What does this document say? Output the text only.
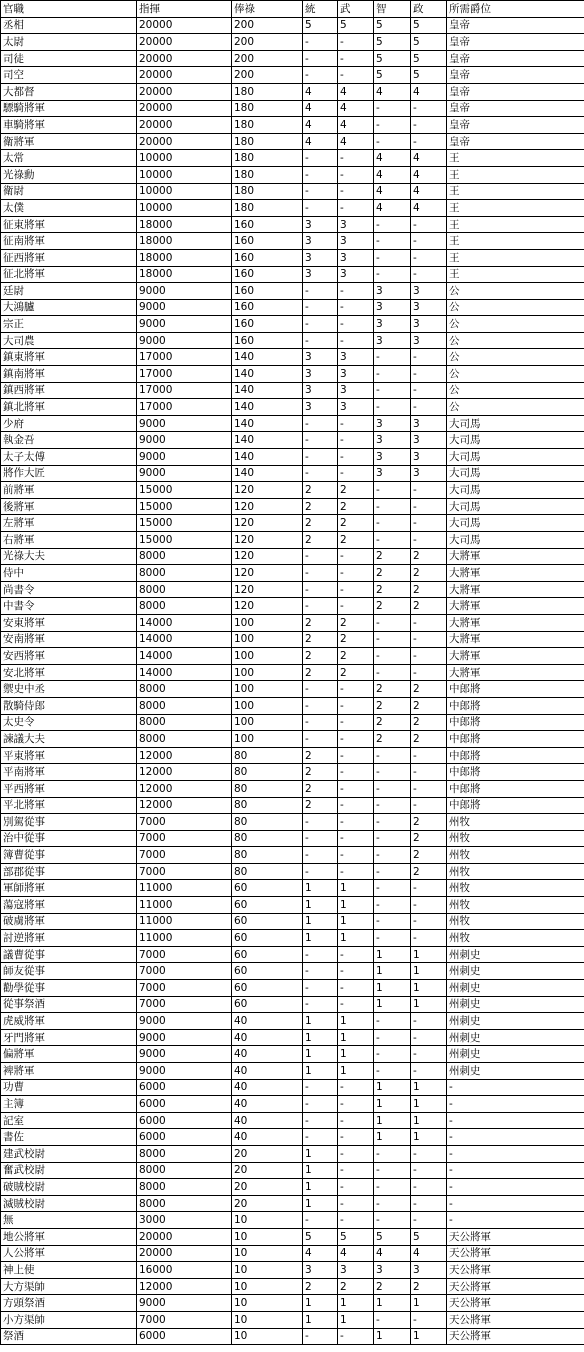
官職	指揮	俸祿	統	武	智	政	所需爵位
丞相	20000	200	5	5	5	5	皇帝
太尉	20000	200	-	-	5	5	皇帝
司徒	20000	200	-	-	5	5	皇帝
司空	20000	200	-	-	5	5	皇帝
大都督	20000	180	4	4	4	4	皇帝
驃騎將軍	20000	180	4	4	-	-	皇帝
車騎將軍	20000	180	4	4	-	-	皇帝
衛將軍	20000	180	4	4	-	-	皇帝
太常	10000	180	-	-	4	4	王
光祿勳	10000	180	-	-	4	4	王
衛尉	10000	180	-	-	4	4	王
太僕	10000	180	-	-	4	4	王
征東將軍	18000	160	3	3	-	-	王
征南將軍	18000	160	3	3	-	-	王
征西將軍	18000	160	3	3	-	-	王
征北將軍	18000	160	3	3	-	-	王
廷尉	9000	160	-	-	3	3	公
大鴻臚	9000	160	-	-	3	3	公
宗正	9000	160	-	-	3	3	公
大司農	9000	160	-	-	3	3	公
鎮東將軍	17000	140	3	3	-	-	公
鎮南將軍	17000	140	3	3	-	-	公
鎮西將軍	17000	140	3	3	-	-	公
鎮北將軍	17000	140	3	3	-	-	公
少府	9000	140	-	-	3	3	大司馬
執金吾	9000	140	-	-	3	3	大司馬
太子太傅	9000	140	-	-	3	3	大司馬
將作大匠	9000	140	-	-	3	3	大司馬
前將軍	15000	120	2	2	-	-	大司馬
後將軍	15000	120	2	2	-	-	大司馬
左將軍	15000	120	2	2	-	-	大司馬
右將軍	15000	120	2	2	-	-	大司馬
光祿大夫	8000	120	-	-	2	2	大將軍
侍中	8000	120	-	-	2	2	大將軍
尚書令	8000	120	-	-	2	2	大將軍
中書令	8000	120	-	-	2	2	大將軍
安東將軍	14000	100	2	2	-	-	大將軍
安南將軍	14000	100	2	2	-	-	大將軍
安西將軍	14000	100	2	2	-	-	大將軍
安北將軍	14000	100	2	2	-	-	大將軍
禦史中丞	8000	100	-	-	2	2	中郎將
散騎侍郎	8000	100	-	-	2	2	中郎將
太史令	8000	100	-	-	2	2	中郎將
諫議大夫	8000	100	-	-	2	2	中郎將
平東將軍	12000	80	2	-	-	-	中郎將
平南將軍	12000	80	2	-	-	-	中郎將
平西將軍	12000	80	2	-	-	-	中郎將
平北將軍	12000	80	2	-	-	-	中郎將
別駕從事	7000	80	-	-	-	2	州牧
治中從事	7000	80	-	-	-	2	州牧
簿曹從事	7000	80	-	-	-	2	州牧
部郡從事	7000	80	-	-	-	2	州牧
軍師將軍	11000	60	1	1	-	-	州牧
蕩寇將軍	11000	60	1	1	-	-	州牧
破虜將軍	11000	60	1	1	-	-	州牧
討逆將軍	11000	60	1	1	-	-	州牧
議曹從事	7000	60	-	-	1	1	州刺史
師友從事	7000	60	-	-	1	1	州刺史
勸學從事	7000	60	-	-	1	1	州刺史
從事祭酒	7000	60	-	-	1	1	州刺史
虎威將軍	9000	40	1	1	-	-	州刺史
牙門將軍	9000	40	1	1	-	-	州刺史
偏將軍	9000	40	1	1	-	-	州刺史
裨將軍	9000	40	1	1	-	-	州刺史
功曹	6000	40	-	-	1	1	-
主簿	6000	40	-	-	1	1	-
記室	6000	40	-	-	1	1	-
書佐	6000	40	-	-	1	1	-
建武校尉	8000	20	1	-	-	-	-
奮武校尉	8000	20	1	-	-	-	-
破賊校尉	8000	20	1	-	-	-	-
滅賊校尉	8000	20	1	-	-	-	-
無	3000	10	-	-	-	-	-
地公將軍	20000	10	5	5	5	5	天公將軍
人公將軍	20000	10	4	4	4	4	天公將軍
神上使	16000	10	3	3	3	3	天公將軍
大方渠帥	12000	10	2	2	2	2	天公將軍
方頭祭酒	9000	10	1	1	1	1	天公將軍
小方渠帥	7000	10	1	1	-	-	天公將軍
祭酒	6000	10	-	-	1	1	天公將軍
